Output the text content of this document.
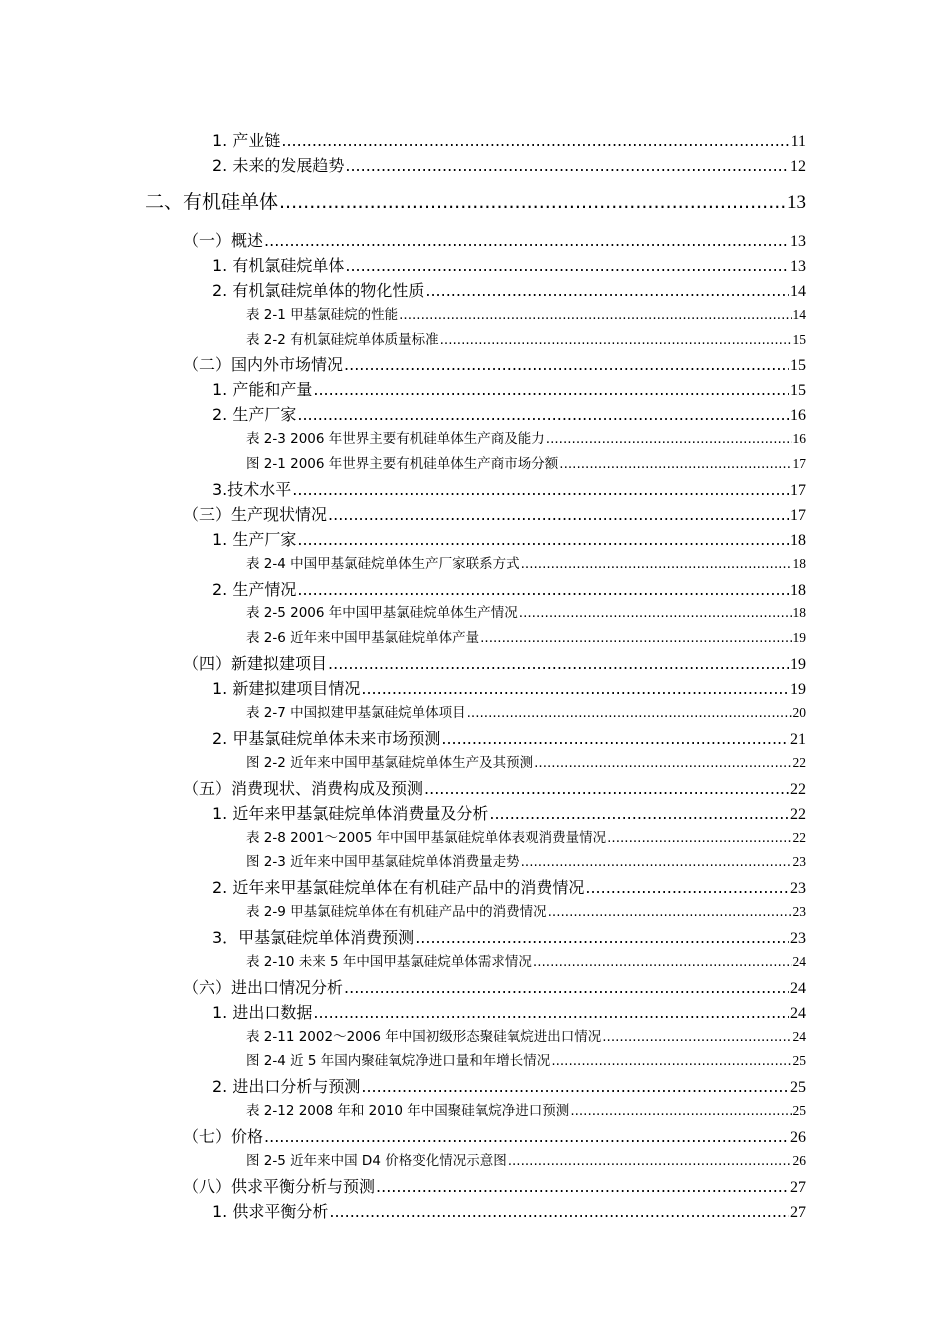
1. 产业链 .....	11
2. 未来的发展趋势 .....	12
二、有机硅单体 .....	13
（一）概述 .....	13
1. 有机氯硅烷单体 .....	13
2. 有机氯硅烷单体的物化性质 .....	14
表 2-1 甲基氯硅烷的性能 .....	14
表 2-2 有机氯硅烷单体质量标准 .....	15
（二）国内外市场情况 .....	15
1. 产能和产量 .....	15
2. 生产厂家 .....	16
表 2-3 2006 年世界主要有机硅单体生产商及能力 .....	16
图 2-1 2006 年世界主要有机硅单体生产商市场分额 .....	17
3.技术水平 .....	17
（三）生产现状情况 .....	17
1. 生产厂家 .....	18
表 2-4 中国甲基氯硅烷单体生产厂家联系方式 .....	18
2. 生产情况 .....	18
表 2-5 2006 年中国甲基氯硅烷单体生产情况 .....	18
表 2-6 近年来中国甲基氯硅烷单体产量 .....	19
（四）新建拟建项目 .....	19
1. 新建拟建项目情况 .....	19
表 2-7 中国拟建甲基氯硅烷单体项目 .....	20
2. 甲基氯硅烷单体未来市场预测 .....	21
图 2-2 近年来中国甲基氯硅烷单体生产及其预测 .....	22
（五）消费现状、消费构成及预测 .....	22
1. 近年来甲基氯硅烷单体消费量及分析 .....	22
表 2-8 2001～2005 年中国甲基氯硅烷单体表观消费量情况 .....	22
图 2-3 近年来中国甲基氯硅烷单体消费量走势 .....	23
2. 近年来甲基氯硅烷单体在有机硅产品中的消费情况 .....	23
表 2-9 甲基氯硅烷单体在有机硅产品中的消费情况 .....	23
3．甲基氯硅烷单体消费预测 .....	23
表 2-10 未来 5 年中国甲基氯硅烷单体需求情况 .....	24
（六）进出口情况分析 .....	24
1. 进出口数据 .....	24
表 2-11 2002～2006 年中国初级形态聚硅氧烷进出口情况 .....	24
图 2-4 近 5 年国内聚硅氧烷净进口量和年增长情况 .....	25
2. 进出口分析与预测 .....	25
表 2-12 2008 年和 2010 年中国聚硅氧烷净进口预测 .....	25
（七）价格 .....	26
图 2-5 近年来中国 D4 价格变化情况示意图 .....	26
（八）供求平衡分析与预测 .....	27
1. 供求平衡分析 .....	27
